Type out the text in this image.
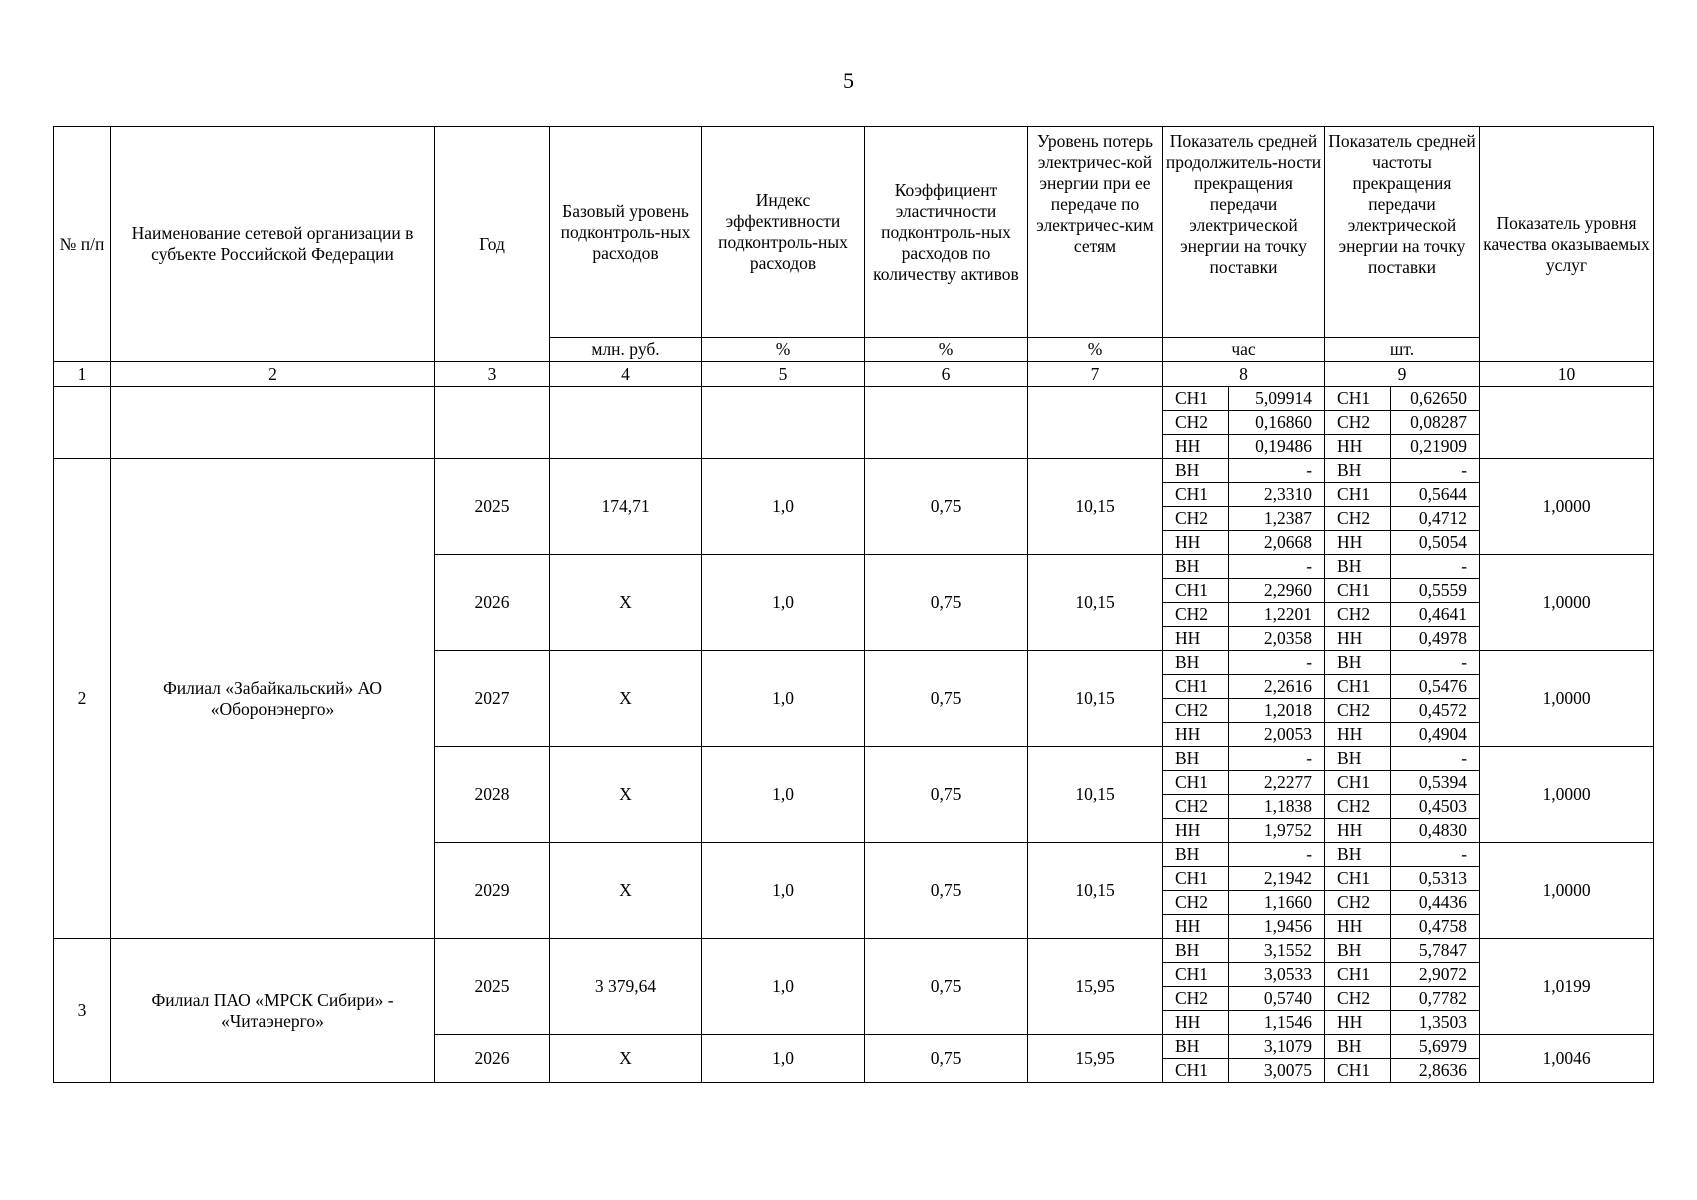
5
№ п/п	Наименование сетевой организации в субъекте Российской Федерации	Год	Базовый уровень подконтроль-ных расходов	Индекс эффективности подконтроль-ных расходов	Коэффициент эластичности подконтроль-ных расходов по количеству активов	Уровень потерь электричес-кой энергии при ее передаче по электричес-ким сетям	Показатель средней продолжитель-ности прекращения передачи электрической энергии на точку поставки		Показатель средней частоты прекращения передачи электрической энергии на точку поставки		Показатель уровня качества оказываемых услуг
			млн. руб.	%	%	%	час		шт.		
1	2	3	4	5	6	7	8		9		10
							СН1	5,09914	СН1	0,62650	
							СН2	0,16860	СН2	0,08287	
							НН	0,19486	НН	0,21909	
2	Филиал «Забайкальский» АО «Оборонэнерго»	2025	174,71	1,0	0,75	10,15	ВН	-	ВН	-	1,0000
							СН1	2,3310	СН1	0,5644	
							СН2	1,2387	СН2	0,4712	
							НН	2,0668	НН	0,5054	
		2026	Х	1,0	0,75	10,15	ВН	-	ВН	-	1,0000
							СН1	2,2960	СН1	0,5559	
							СН2	1,2201	СН2	0,4641	
							НН	2,0358	НН	0,4978	
		2027	Х	1,0	0,75	10,15	ВН	-	ВН	-	1,0000
							СН1	2,2616	СН1	0,5476	
							СН2	1,2018	СН2	0,4572	
							НН	2,0053	НН	0,4904	
		2028	Х	1,0	0,75	10,15	ВН	-	ВН	-	1,0000
							СН1	2,2277	СН1	0,5394	
							СН2	1,1838	СН2	0,4503	
							НН	1,9752	НН	0,4830	
		2029	Х	1,0	0,75	10,15	ВН	-	ВН	-	1,0000
							СН1	2,1942	СН1	0,5313	
							СН2	1,1660	СН2	0,4436	
							НН	1,9456	НН	0,4758	
3	Филиал ПАО «МРСК Сибири» - «Читаэнерго»	2025	3 379,64	1,0	0,75	15,95	ВН	3,1552	ВН	5,7847	1,0199
							СН1	3,0533	СН1	2,9072	
							СН2	0,5740	СН2	0,7782	
							НН	1,1546	НН	1,3503	
		2026	Х	1,0	0,75	15,95	ВН	3,1079	ВН	5,6979	1,0046
							СН1	3,0075	СН1	2,8636	
